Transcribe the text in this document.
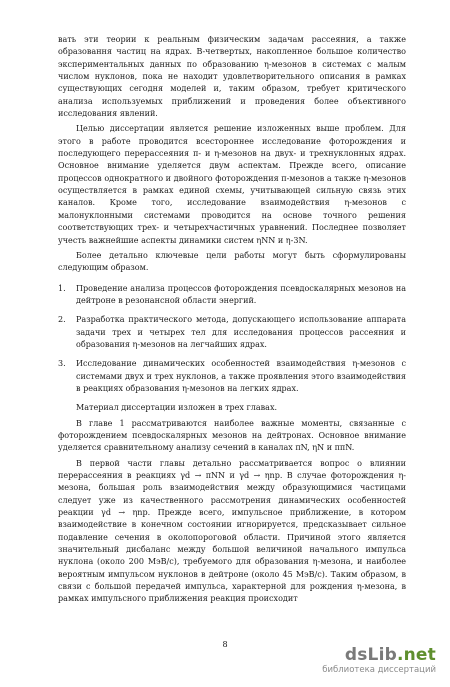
вать эти теории к реальным физическим задачам рассеяния, а также образовання частиц на ядрах. В-четвертых, накопленное большое количество экспериментальных данных по образованию η-мезонов в системах с малым числом нуклонов, пока не находит удовлетворительного описания в рамках существующих сегодня моделей и, таким образом, требует критического анализа используемых приближений и проведения более объективного исследования явлений.

Целью диссертации является решение изложенных выше проблем. Для этого в работе проводится всестороннее исследование фоторождения и последующего перерассеяния π- и η-мезонов на двух- и трехнуклонных ядрах. Основное внимание уделяется двум аспектам. Прежде всего, описание процессов однократного и двойного фоторождения π-мезонов а также η-мезонов осуществляется в рамках единой схемы, учитывающей сильную связь этих каналов. Кроме того, исследование взаимодействия η-мезонов с малонуклонными системами проводится на основе точного решения соответствующих трех- и четырехчастичных уравнений. Последнее позволяет учесть важнейшие аспекты динамики систем ηNN и η-3N.

Более детально ключевые цели работы могут быть сформулированы следующим образом.

1. Проведение анализа процессов фоторождения псевдоскалярных мезонов на дейтроне в резонансной области энергий.
2. Разработка практического метода, допускающего использование аппарата задачи трех и четырех тел для исследования процессов рассеяния и образования η-мезонов на легчайших ядрах.
3. Исследование динамических особенностей взаимодействия η-мезонов с системами двух и трех нуклонов, а также проявления этого взаимодействия в реакциях образования η-мезонов на легких ядрах.

Материал диссертации изложен в трех главах.

В главе 1 рассматриваются наиболее важные моменты, связанные с фоторождением псевдоскалярных мезонов на дейтронах. Основное внимание уделяется сравнительному анализу сечений в каналах πN, ηN и ππN.

В первой части главы детально рассматривается вопрос о влиянии перерассеяния в реакциях γd → πNN и γd → ηnp. В случае фоторождения η-мезона, большая роль взаимодействия между образующимися частицами следует уже из качественного рассмотрения динамических особенностей реакции γd → ηnp. Прежде всего, импульсное приближение, в котором взаимодействие в конечном состоянии игнорируется, предсказывает сильное подавление сечения в околопороговой области. Причиной этого является значительный дисбаланс между большой величиной начального импульса нуклона (около 200 МэВ/c), требуемого для образования η-мезона, и наиболее вероятным импульсом нуклонов в дейтроне (около 45 МэВ/c). Таким образом, в связи с большой передачей импульса, характерной для рождения η-мезона, в рамках импульсного приближения реакция происходит

8
dsLib.net
библиотека диссертаций
